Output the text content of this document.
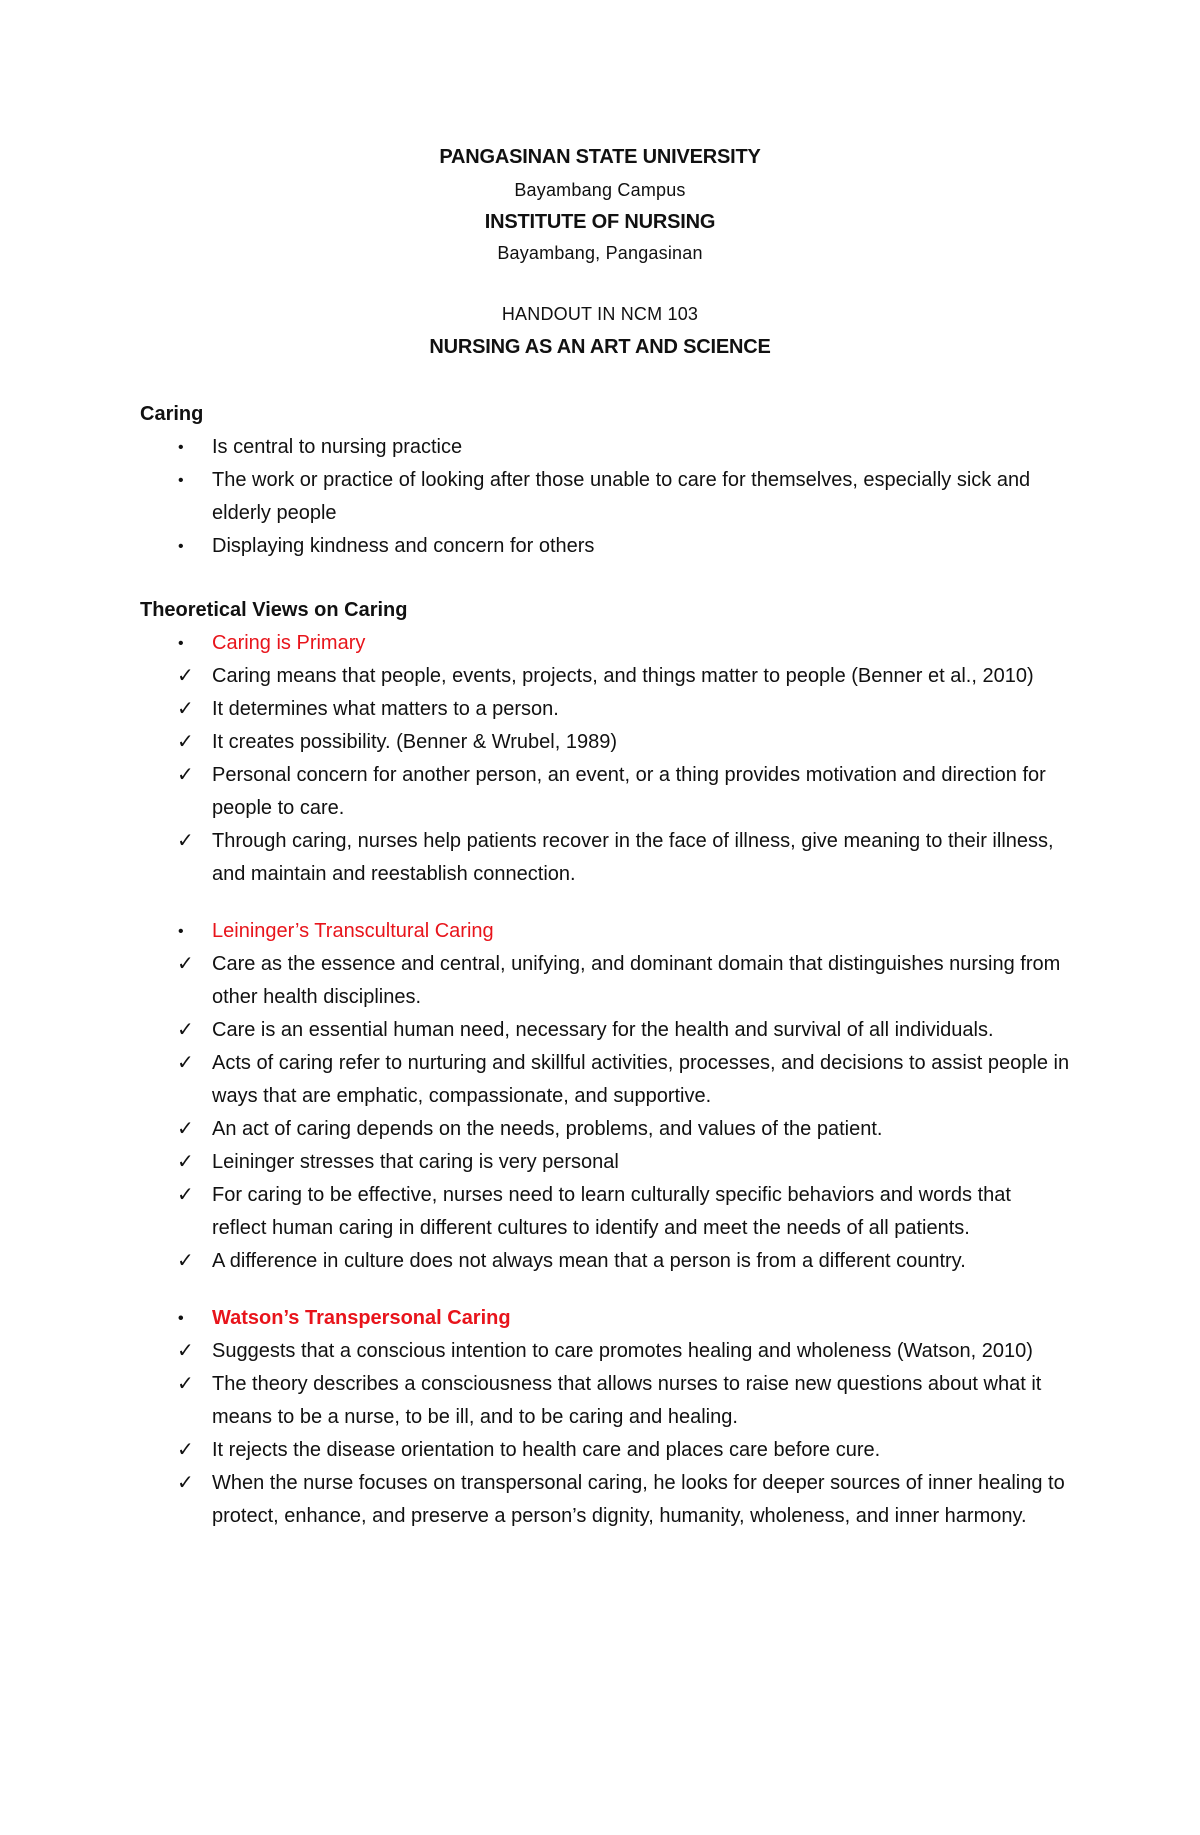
PANGASINAN STATE UNIVERSITY
Bayambang Campus
INSTITUTE OF NURSING
Bayambang, Pangasinan
HANDOUT IN NCM 103
NURSING AS AN ART AND SCIENCE
Caring
• Is central to nursing practice
• The work or practice of looking after those unable to care for themselves, especially sick and elderly people
• Displaying kindness and concern for others
Theoretical Views on Caring
• Caring is Primary
✓ Caring means that people, events, projects, and things matter to people (Benner et al., 2010)
✓ It determines what matters to a person.
✓ It creates possibility. (Benner & Wrubel, 1989)
✓ Personal concern for another person, an event, or a thing provides motivation and direction for people to care.
✓ Through caring, nurses help patients recover in the face of illness, give meaning to their illness, and maintain and reestablish connection.
• Leininger’s Transcultural Caring
✓ Care as the essence and central, unifying, and dominant domain that distinguishes nursing from other health disciplines.
✓ Care is an essential human need, necessary for the health and survival of all individuals.
✓ Acts of caring refer to nurturing and skillful activities, processes, and decisions to assist people in ways that are emphatic, compassionate, and supportive.
✓ An act of caring depends on the needs, problems, and values of the patient.
✓ Leininger stresses that caring is very personal
✓ For caring to be effective, nurses need to learn culturally specific behaviors and words that reflect human caring in different cultures to identify and meet the needs of all patients.
✓ A difference in culture does not always mean that a person is from a different country.
• Watson’s Transpersonal Caring
✓ Suggests that a conscious intention to care promotes healing and wholeness (Watson, 2010)
✓ The theory describes a consciousness that allows nurses to raise new questions about what it means to be a nurse, to be ill, and to be caring and healing.
✓ It rejects the disease orientation to health care and places care before cure.
✓ When the nurse focuses on transpersonal caring, he looks for deeper sources of inner healing to protect, enhance, and preserve a person’s dignity, humanity, wholeness, and inner harmony.
